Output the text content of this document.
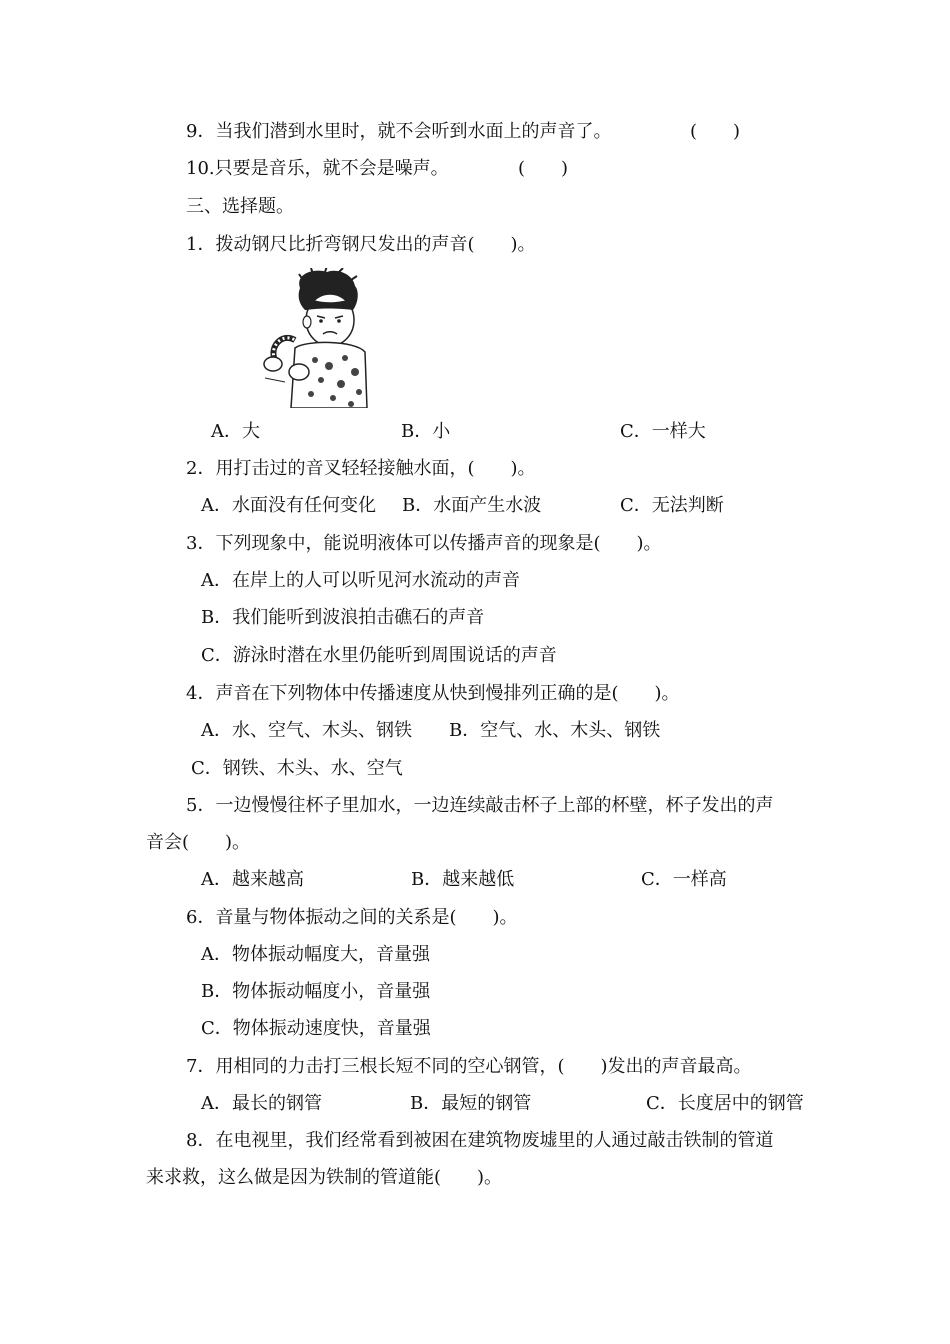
9．当我们潜到水里时，就不会听到水面上的声音了。	(　　)
10.只要是音乐，就不会是噪声。	(　　)
三、选择题。
1．拨动钢尺比折弯钢尺发出的声音(　　)。
A．大	B．小	C．一样大
2．用打击过的音叉轻轻接触水面，(　　)。
A．水面没有任何变化 B．水面产生水波	C．无法判断
3．下列现象中，能说明液体可以传播声音的现象是(　　)。
A．在岸上的人可以听见河水流动的声音
B．我们能听到波浪拍击礁石的声音
C．游泳时潜在水里仍能听到周围说话的声音
4．声音在下列物体中传播速度从快到慢排列正确的是(　　)。
A．水、空气、木头、钢铁 B．空气、水、木头、钢铁
C．钢铁、木头、水、空气
5．一边慢慢往杯子里加水，一边连续敲击杯子上部的杯壁，杯子发出的声
音会(　　)。
A．越来越高	B．越来越低	C．一样高
6．音量与物体振动之间的关系是(　　)。
A．物体振动幅度大，音量强
B．物体振动幅度小，音量强
C．物体振动速度快，音量强
7．用相同的力击打三根长短不同的空心钢管，(　　)发出的声音最高。
A．最长的钢管	B．最短的钢管	C．长度居中的钢管
8．在电视里，我们经常看到被困在建筑物废墟里的人通过敲击铁制的管道
来求救，这么做是因为铁制的管道能(　　)。
